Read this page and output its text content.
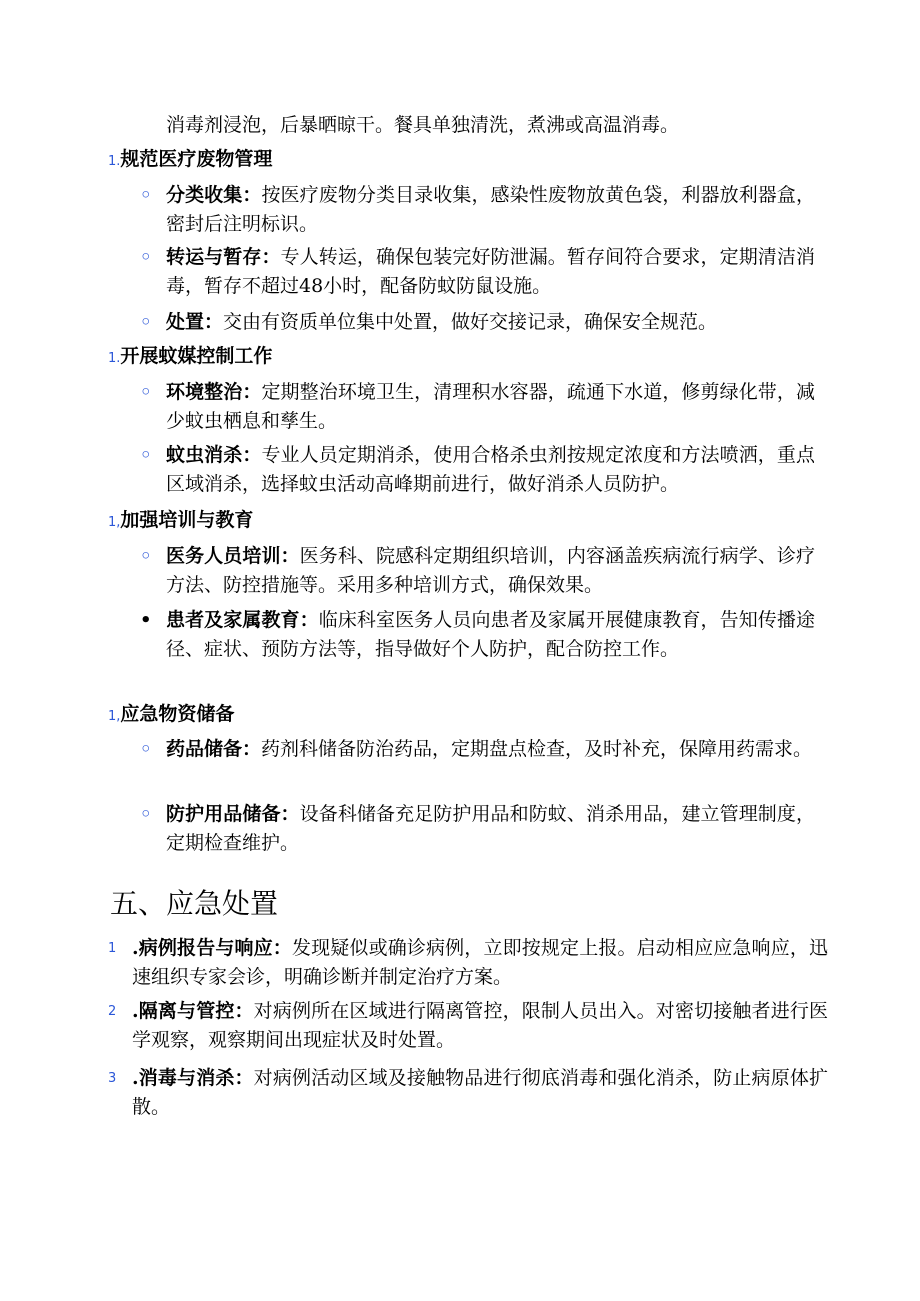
消毒剂浸泡，后暴晒晾干。餐具单独清洗，煮沸或高温消毒。

1.规范医疗废物管理

◦ 分类收集：按医疗废物分类目录收集，感染性废物放黄色袋，利器放利器盒，密封后注明标识。
◦ 转运与暂存：专人转运，确保包装完好防泄漏。暂存间符合要求，定期清洁消毒，暂存不超过48小时，配备防蚊防鼠设施。
◦ 处置：交由有资质单位集中处置，做好交接记录，确保安全规范。

1.开展蚊媒控制工作

◦ 环境整治：定期整治环境卫生，清理积水容器，疏通下水道，修剪绿化带，减少蚊虫栖息和孳生。
◦ 蚊虫消杀：专业人员定期消杀，使用合格杀虫剂按规定浓度和方法喷洒，重点区域消杀，选择蚊虫活动高峰期前进行，做好消杀人员防护。

1,加强培训与教育

◦ 医务人员培训：医务科、院感科定期组织培训，内容涵盖疾病流行病学、诊疗方法、防控措施等。采用多种培训方式，确保效果。
• 患者及家属教育：临床科室医务人员向患者及家属开展健康教育，告知传播途径、症状、预防方法等，指导做好个人防护，配合防控工作。

1,应急物资储备

◦ 药品储备：药剂科储备防治药品，定期盘点检查，及时补充，保障用药需求。
◦ 防护用品储备：设备科储备充足防护用品和防蚊、消杀用品，建立管理制度，定期检查维护。
五、应急处置
1 .病例报告与响应：发现疑似或确诊病例，立即按规定上报。启动相应应急响应，迅速组织专家会诊，明确诊断并制定治疗方案。
2 .隔离与管控：对病例所在区域进行隔离管控，限制人员出入。对密切接触者进行医学观察，观察期间出现症状及时处置。
3 .消毒与消杀：对病例活动区域及接触物品进行彻底消毒和强化消杀，防止病原体扩散。
